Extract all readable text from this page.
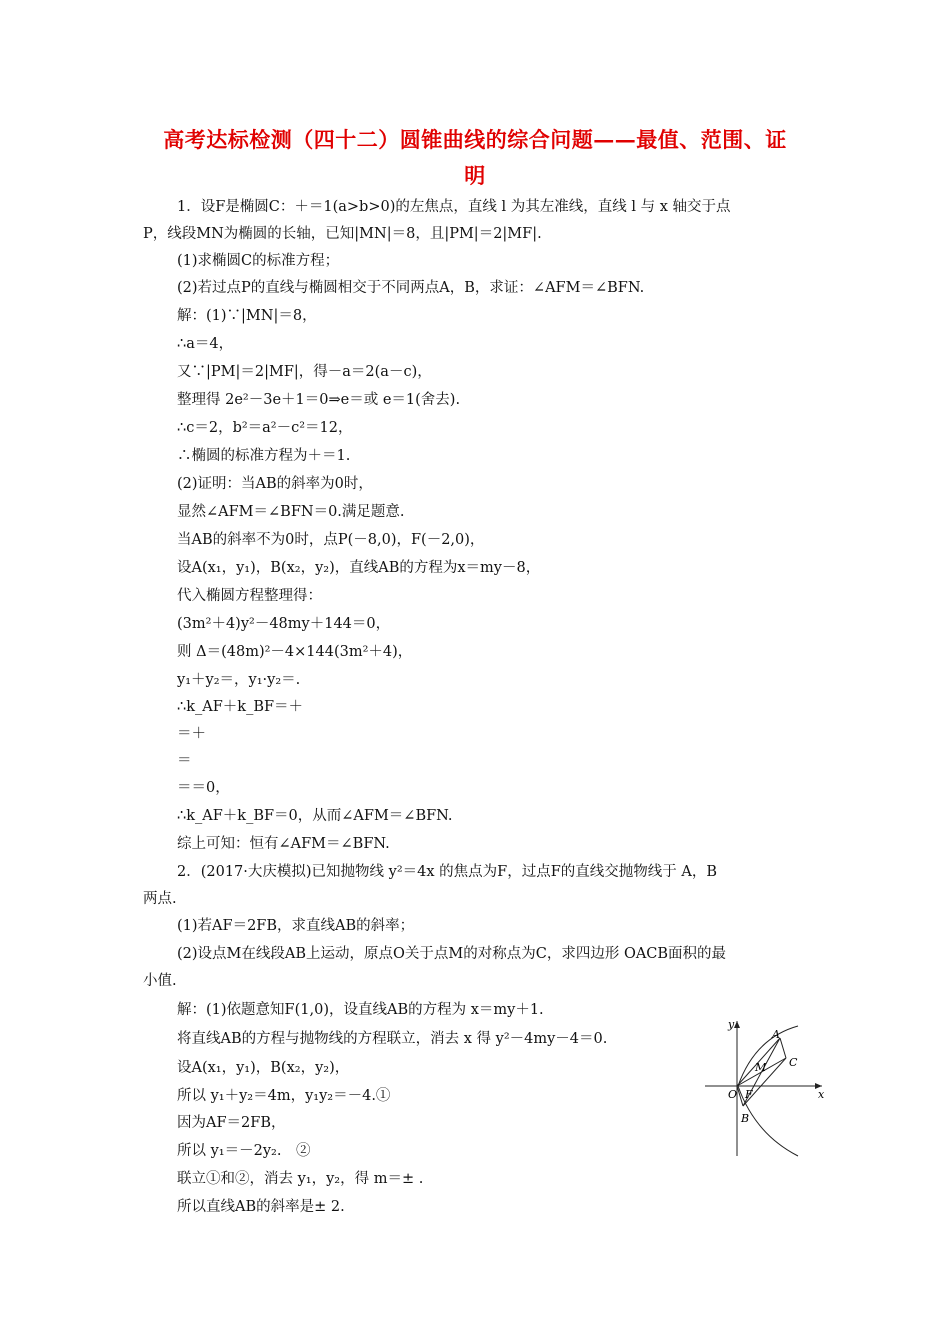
高考达标检测（四十二）圆锥曲线的综合问题——最值、范围、证
明
1．设F是椭圆C：＋＝1(a>b>0)的左焦点，直线 l 为其左准线，直线 l 与 x 轴交于点
P，线段MN为椭圆的长轴，已知|MN|＝8，且|PM|＝2|MF|.
(1)求椭圆C的标准方程；
(2)若过点P的直线与椭圆相交于不同两点A，B，求证：∠AFM＝∠BFN.
解：(1)∵|MN|＝8，
∴a＝4，
又∵|PM|＝2|MF|，得－a＝2(a－c)，
整理得 2e²－3e＋1＝0⇒e＝或 e＝1(舍去).
∴c＝2，b²＝a²－c²＝12，
∴椭圆的标准方程为＋＝1.
(2)证明：当AB的斜率为0时，
显然∠AFM＝∠BFN＝0.满足题意.
当AB的斜率不为0时，点P(－8,0)，F(－2,0)，
设A(x₁，y₁)，B(x₂，y₂)，直线AB的方程为x＝my－8，
代入椭圆方程整理得：
(3m²＋4)y²－48my＋144＝0，
则 Δ＝(48m)²－4×144(3m²＋4)，
y₁＋y₂＝，y₁·y₂＝.
∴k_AF＋k_BF＝＋
＝＋
＝
＝＝0，
∴k_AF＋k_BF＝0，从而∠AFM＝∠BFN.
综上可知：恒有∠AFM＝∠BFN.
2．(2017·大庆模拟)已知抛物线 y²＝4x 的焦点为F，过点F的直线交抛物线于 A，B
两点.
(1)若AF＝2FB，求直线AB的斜率；
(2)设点M在线段AB上运动，原点O关于点M的对称点为C，求四边形 OACB面积的最
小值.
解：(1)依题意知F(1,0)，设直线AB的方程为 x＝my＋1.
将直线AB的方程与抛物线的方程联立，消去 x 得 y²－4my－4＝0.
设A(x₁，y₁)，B(x₂，y₂)，
所以 y₁＋y₂＝4m，y₁y₂＝－4.①
因为AF＝2FB，
所以 y₁＝－2y₂.　②
联立①和②，消去 y₁，y₂，得 m＝± .
所以直线AB的斜率是± 2.
x
y
O
A
B
C
M
F
